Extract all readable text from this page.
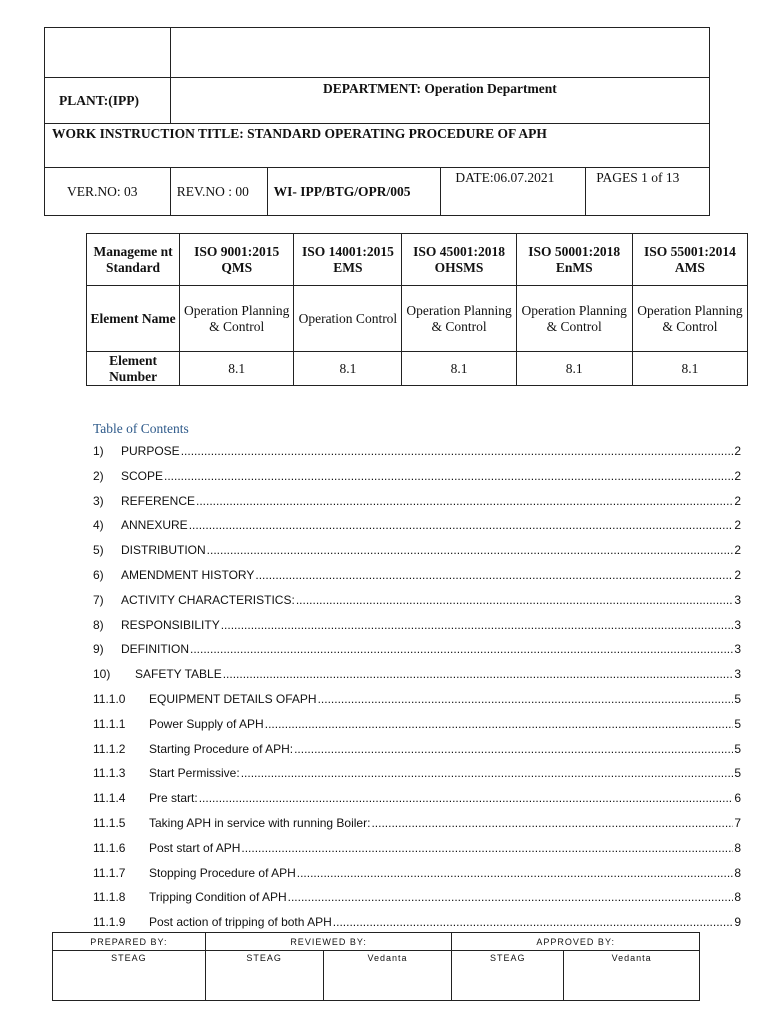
PLANT:(IPP)	DEPARTMENT: Operation Department			
WORK INSTRUCTION TITLE: STANDARD OPERATING PROCEDURE OF APH				
VER.NO: 03	REV.NO : 00	WI- IPP/BTG/OPR/005	DATE:06.07.2021	PAGES 1 of 13
Manageme nt Standard	ISO 9001:2015 QMS	ISO 14001:2015 EMS	ISO 45001:2018 OHSMS	ISO 50001:2018 EnMS	ISO 55001:2014 AMS
Element Name	Operation Planning & Control	Operation Control	Operation Planning & Control	Operation Planning & Control	Operation Planning & Control
Element Number	8.1	8.1	8.1	8.1	8.1
Table of Contents
1)	PURPOSE .....	2
2)	SCOPE .....	2
3)	REFERENCE .....	2
4)	ANNEXURE .....	2
5)	DISTRIBUTION .....	2
6)	AMENDMENT HISTORY .....	2
7)	ACTIVITY CHARACTERISTICS: .....	3
8)	RESPONSIBILITY .....	3
9)	DEFINITION .....	3
10)	SAFETY TABLE .....	3
11.1.0	EQUIPMENT DETAILS OFAPH .....	5
11.1.1	Power Supply of APH .....	5
11.1.2	Starting Procedure of APH: .....	5
11.1.3	Start Permissive: .....	5
11.1.4	Pre start: .....	6
11.1.5	Taking APH in service with running Boiler: .....	7
11.1.6	Post start of APH .....	8
11.1.7	Stopping Procedure of APH .....	8
11.1.8	Tripping Condition of APH .....	8
11.1.9	Post action of tripping of both APH .....	9
PREPARED BY:	REVIEWED BY:		APPROVED BY:	
STEAG	STEAG	Vedanta	STEAG	Vedanta
